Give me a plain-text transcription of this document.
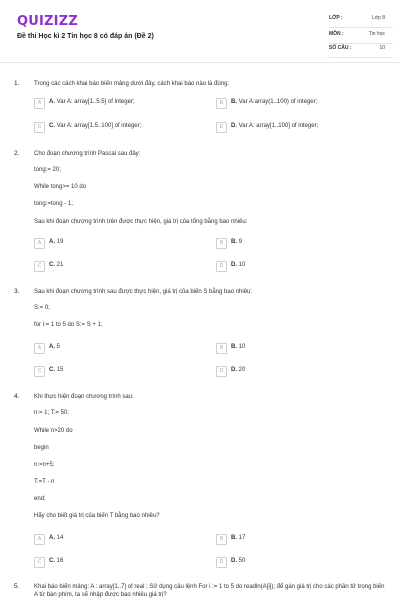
QUIZIZZ
Đề thi Học kì 2 Tin học 8 có đáp án (Đề 2)
LỚP :	Lớp 8
MÔN :	Tin học
SỐ CÂU :	10
1. Trong các cách khai báo biến mảng dưới đây, cách khai báo nào là đúng:
A	A. Var A: array[1..5.5] of integer;	B	B. Var A:array(1..100) of integer;
C	C. Var A: array[1.5..100] of integer;	D	D. Var A: array[1..100] of integer;
2. Cho đoạn chương trình Pascal sau đây:
tong:= 20;
While tong>= 10 do
tong:=tong - 1;
Sau khi đoạn chương trình trên được thực hiện, giá trị của tổng bằng bao nhiêu:
A	A. 19	B	B. 9
C	C. 21	D	D. 10
3. Sau khi đoạn chương trình sau được thực hiện, giá trị của biến S bằng bao nhiêu:
S:= 0;
for i:= 1 to 5 do S:= S + 1;
A	A. 5	B	B. 10
C	C. 15	D	D. 20
4. Khi thực hiện đoạn chương trình sau:
n:= 1; T:= 50;
While n>20 do
begin
n:=n+5;
T:=T - n
end;
Hãy cho biết giá trị của biến T bằng bao nhiêu?
A	A. 14	B	B. 17
C	C. 16	D	D. 50
5. Khai báo biến mảng: A : array[1..7] of real ; Sử dụng câu lệnh For i := 1 to 5 do readln(A[i]); để gán giá trị cho các phần tử trong biến A từ bàn phím, ta sẽ nhập được bao nhiêu giá trị?
